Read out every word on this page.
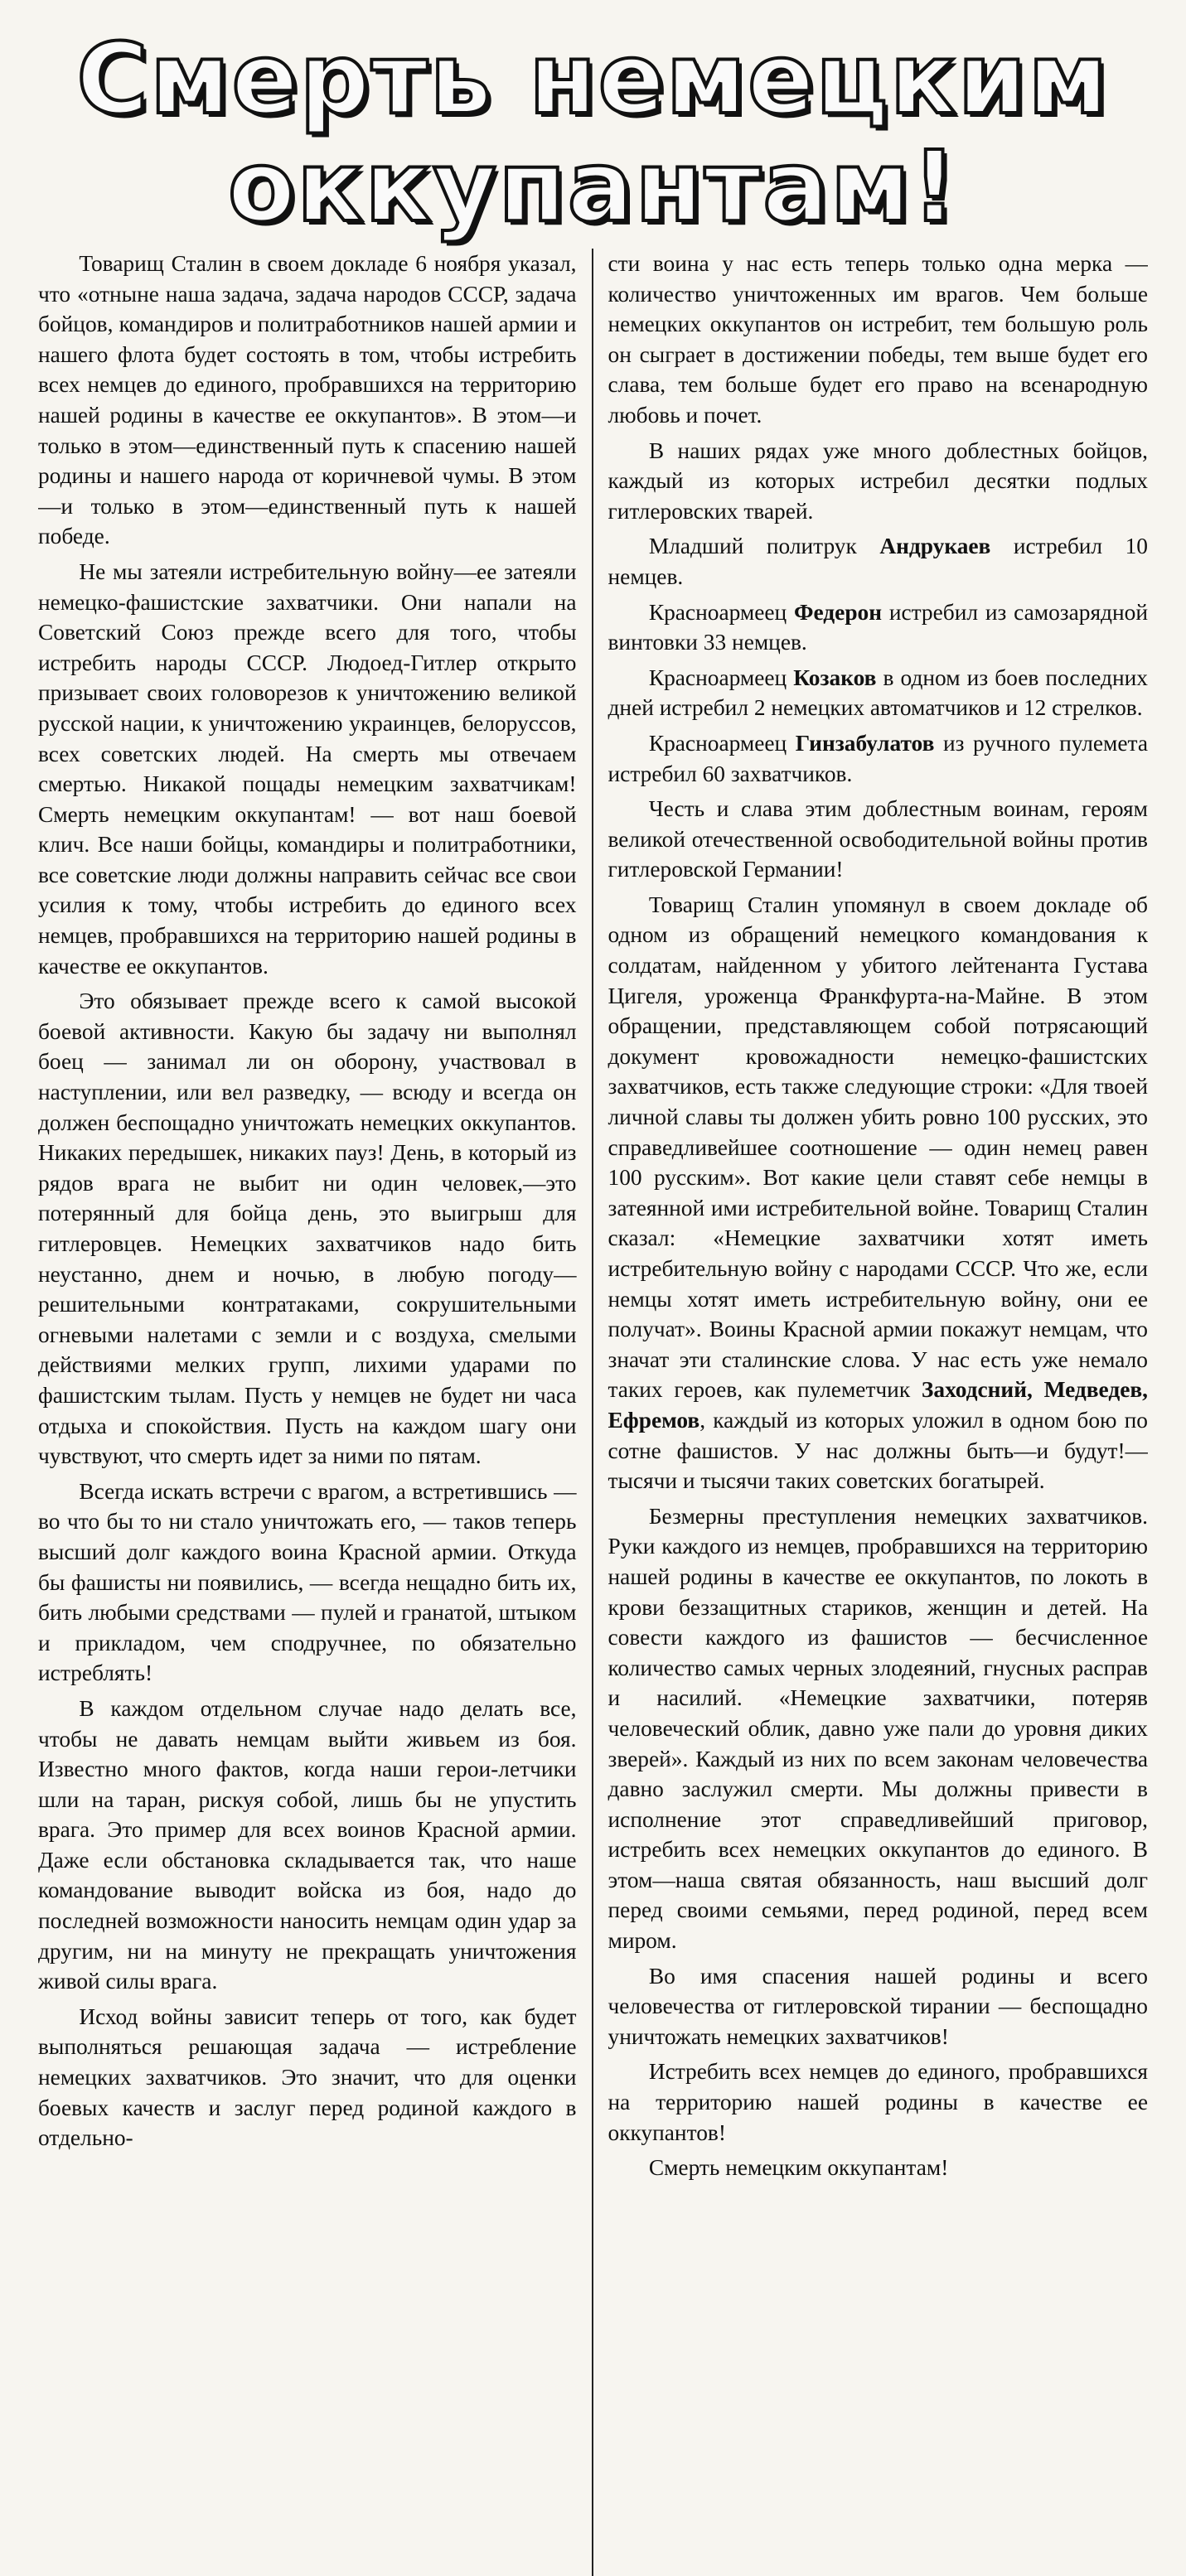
Смерть немецким оккупантам!

Товарищ Сталин в своем докладе 6 ноября указал, что «отныне наша задача, задача народов СССР, задача бойцов, командиров и политработников нашей армии и нашего флота будет состоять в том, чтобы истребить всех немцев до единого, пробравшихся на территорию нашей родины в качестве ее оккупантов». В этом—и только в этом—единственный путь к спасению нашей родины и нашего народа от коричневой чумы. В этом—и только в этом—единственный путь к нашей победе.

Не мы затеяли истребительную войну—ее затеяли немецко-фашистские захватчики. Они напали на Советский Союз прежде всего для того, чтобы истребить народы СССР. Людоед-Гитлер открыто призывает своих головорезов к уничтожению великой русской нации, к уничтожению украинцев, белоруссов, всех советских людей. На смерть мы отвечаем смертью. Никакой пощады немецким захватчикам! Смерть немецким оккупантам! — вот наш боевой клич. Все наши бойцы, командиры и политработники, все советские люди должны направить сейчас все свои усилия к тому, чтобы истребить до единого всех немцев, пробравшихся на территорию нашей родины в качестве ее оккупантов.

Это обязывает прежде всего к самой высокой боевой активности. Какую бы задачу ни выполнял боец — занимал ли он оборону, участвовал в наступлении, или вел разведку, — всюду и всегда он должен беспощадно уничтожать немецких оккупантов. Никаких передышек, никаких пауз! День, в который из рядов врага не выбит ни один человек,—это потерянный для бойца день, это выигрыш для гитлеровцев. Немецких захватчиков надо бить неустанно, днем и ночью, в любую погоду—решительными контратаками, сокрушительными огневыми налетами с земли и с воздуха, смелыми действиями мелких групп, лихими ударами по фашистским тылам. Пусть у немцев не будет ни часа отдыха и спокойствия. Пусть на каждом шагу они чувствуют, что смерть идет за ними по пятам.

Всегда искать встречи с врагом, а встретившись — во что бы то ни стало уничтожать его, — таков теперь высший долг каждого воина Красной армии. Откуда бы фашисты ни появились, — всегда нещадно бить их, бить любыми средствами — пулей и гранатой, штыком и прикладом, чем сподручнее, по обязательно истреблять!

В каждом отдельном случае надо делать все, чтобы не давать немцам выйти живьем из боя. Известно много фактов, когда наши герои-летчики шли на таран, рискуя собой, лишь бы не упустить врага. Это пример для всех воинов Красной армии. Даже если обстановка складывается так, что наше командование выводит войска из боя, надо до последней возможности наносить немцам один удар за другим, ни на минуту не прекращать уничтожения живой силы врага.

Исход войны зависит теперь от того, как будет выполняться решающая задача — истребление немецких захватчиков. Это значит, что для оценки боевых качеств и заслуг перед родиной каждого в отдельно-

сти воина у нас есть теперь только одна мерка — количество уничтоженных им врагов. Чем больше немецких оккупантов он истребит, тем большую роль он сыграет в достижении победы, тем выше будет его слава, тем больше будет его право на всенародную любовь и почет.

В наших рядах уже много доблестных бойцов, каждый из которых истребил десятки подлых гитлеровских тварей.

Младший политрук Андрукаев истребил 10 немцев.

Красноармеец Федерон истребил из самозарядной винтовки 33 немцев.

Красноармеец Козаков в одном из боев последних дней истребил 2 немецких автоматчиков и 12 стрелков.

Красноармеец Гинзабулатов из ручного пулемета истребил 60 захватчиков.

Честь и слава этим доблестным воинам, героям великой отечественной освободительной войны против гитлеровской Германии!

Товарищ Сталин упомянул в своем докладе об одном из обращений немецкого командования к солдатам, найденном у убитого лейтенанта Густава Цигеля, уроженца Франкфурта-на-Майне. В этом обращении, представляющем собой потрясающий документ кровожадности немецко-фашистских захватчиков, есть также следующие строки: «Для твоей личной славы ты должен убить ровно 100 русских, это справедливейшее соотношение — один немец равен 100 русским». Вот какие цели ставят себе немцы в затеянной ими истребительной войне. Товарищ Сталин сказал: «Немецкие захватчики хотят иметь истребительную войну с народами СССР. Что же, если немцы хотят иметь истребительную войну, они ее получат». Воины Красной армии покажут немцам, что значат эти сталинские слова. У нас есть уже немало таких героев, как пулеметчик Заходсний, Медведев, Ефремов, каждый из которых уложил в одном бою по сотне фашистов. У нас должны быть—и будут!—тысячи и тысячи таких советских богатырей.

Безмерны преступления немецких захватчиков. Руки каждого из немцев, пробравшихся на территорию нашей родины в качестве ее оккупантов, по локоть в крови беззащитных стариков, женщин и детей. На совести каждого из фашистов — бесчисленное количество самых черных злодеяний, гнусных расправ и насилий. «Немецкие захватчики, потеряв человеческий облик, давно уже пали до уровня диких зверей». Каждый из них по всем законам человечества давно заслужил смерти. Мы должны привести в исполнение этот справедливейший приговор, истребить всех немецких оккупантов до единого. В этом—наша святая обязанность, наш высший долг перед своими семьями, перед родиной, перед всем миром.

Во имя спасения нашей родины и всего человечества от гитлеровской тирании — беспощадно уничтожать немецких захватчиков!

Истребить всех немцев до единого, пробравшихся на территорию нашей родины в качестве ее оккупантов!

Смерть немецким оккупантам!
